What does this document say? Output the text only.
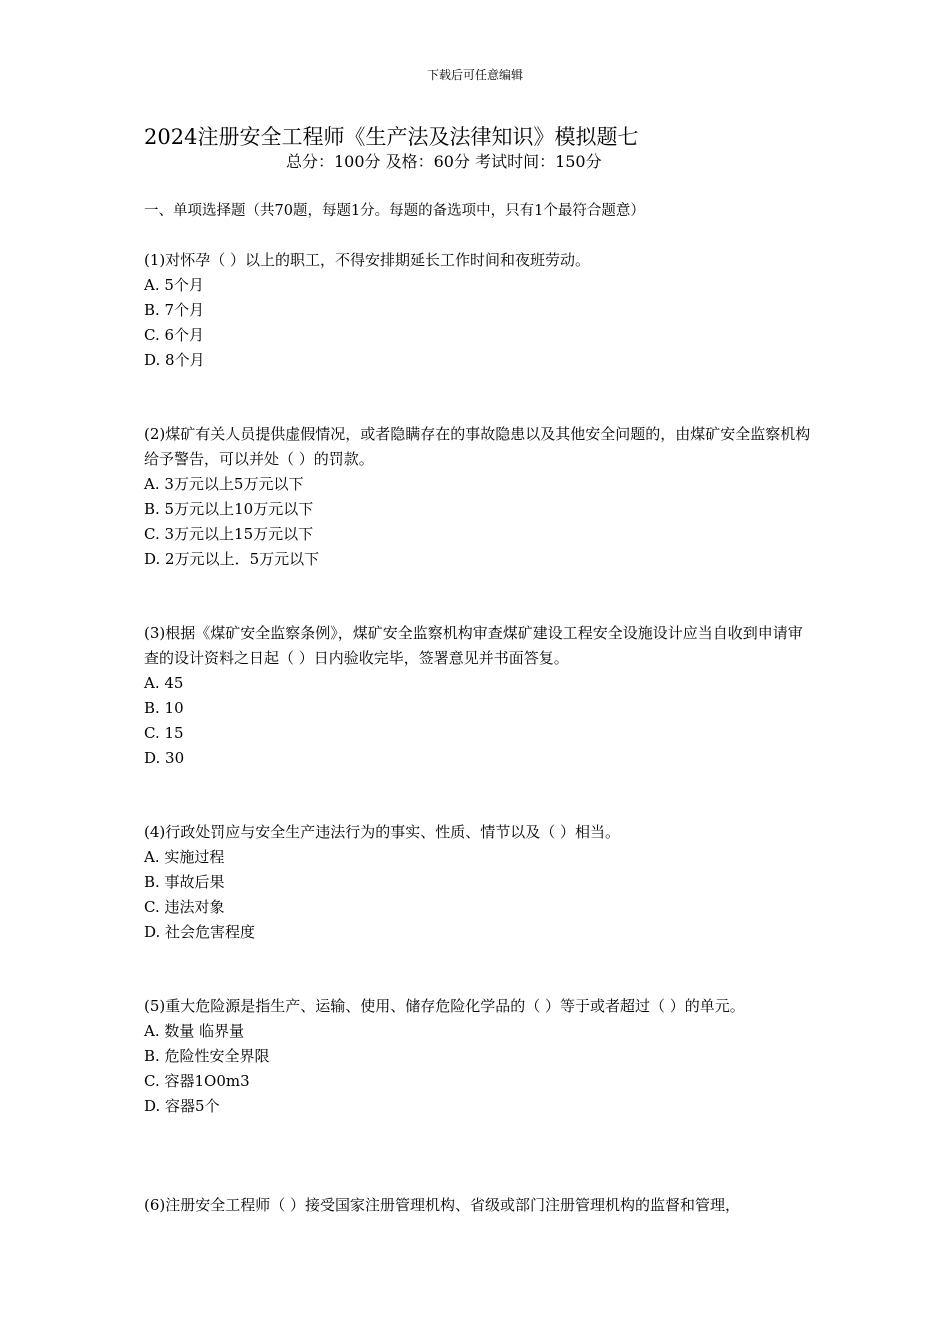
下载后可任意编辑
2024注册安全工程师《生产法及法律知识》模拟题七
总分：100分 及格：60分 考试时间：150分
一、单项选择题（共70题，每题1分。每题的备选项中，只有1个最符合题意）

(1)对怀孕（ ）以上的职工，不得安排期延长工作时间和夜班劳动。

A. 5个月

B. 7个月

C. 6个月

D. 8个月

(2)煤矿有关人员提供虚假情况，或者隐瞒存在的事故隐患以及其他安全问题的，由煤矿安全监察机构给予警告，可以并处（ ）的罚款。

A. 3万元以上5万元以下

B. 5万元以上10万元以下

C. 3万元以上15万元以下

D. 2万元以上．5万元以下

(3)根据《煤矿安全监察条例》，煤矿安全监察机构审查煤矿建设工程安全设施设计应当自收到申请审查的设计资料之日起（ ）日内验收完毕，签署意见并书面答复。

A. 45

B. 10

C. 15

D. 30

(4)行政处罚应与安全生产违法行为的事实、性质、情节以及（ ）相当。

A. 实施过程

B. 事故后果

C. 违法对象

D. 社会危害程度

(5)重大危险源是指生产、运输、使用、储存危险化学品的（ ）等于或者超过（ ）的单元。

A. 数量 临界量

B. 危险性安全界限

C. 容器1O0m3

D. 容器5个

(6)注册安全工程师（ ）接受国家注册管理机构、省级或部门注册管理机构的监督和管理，
